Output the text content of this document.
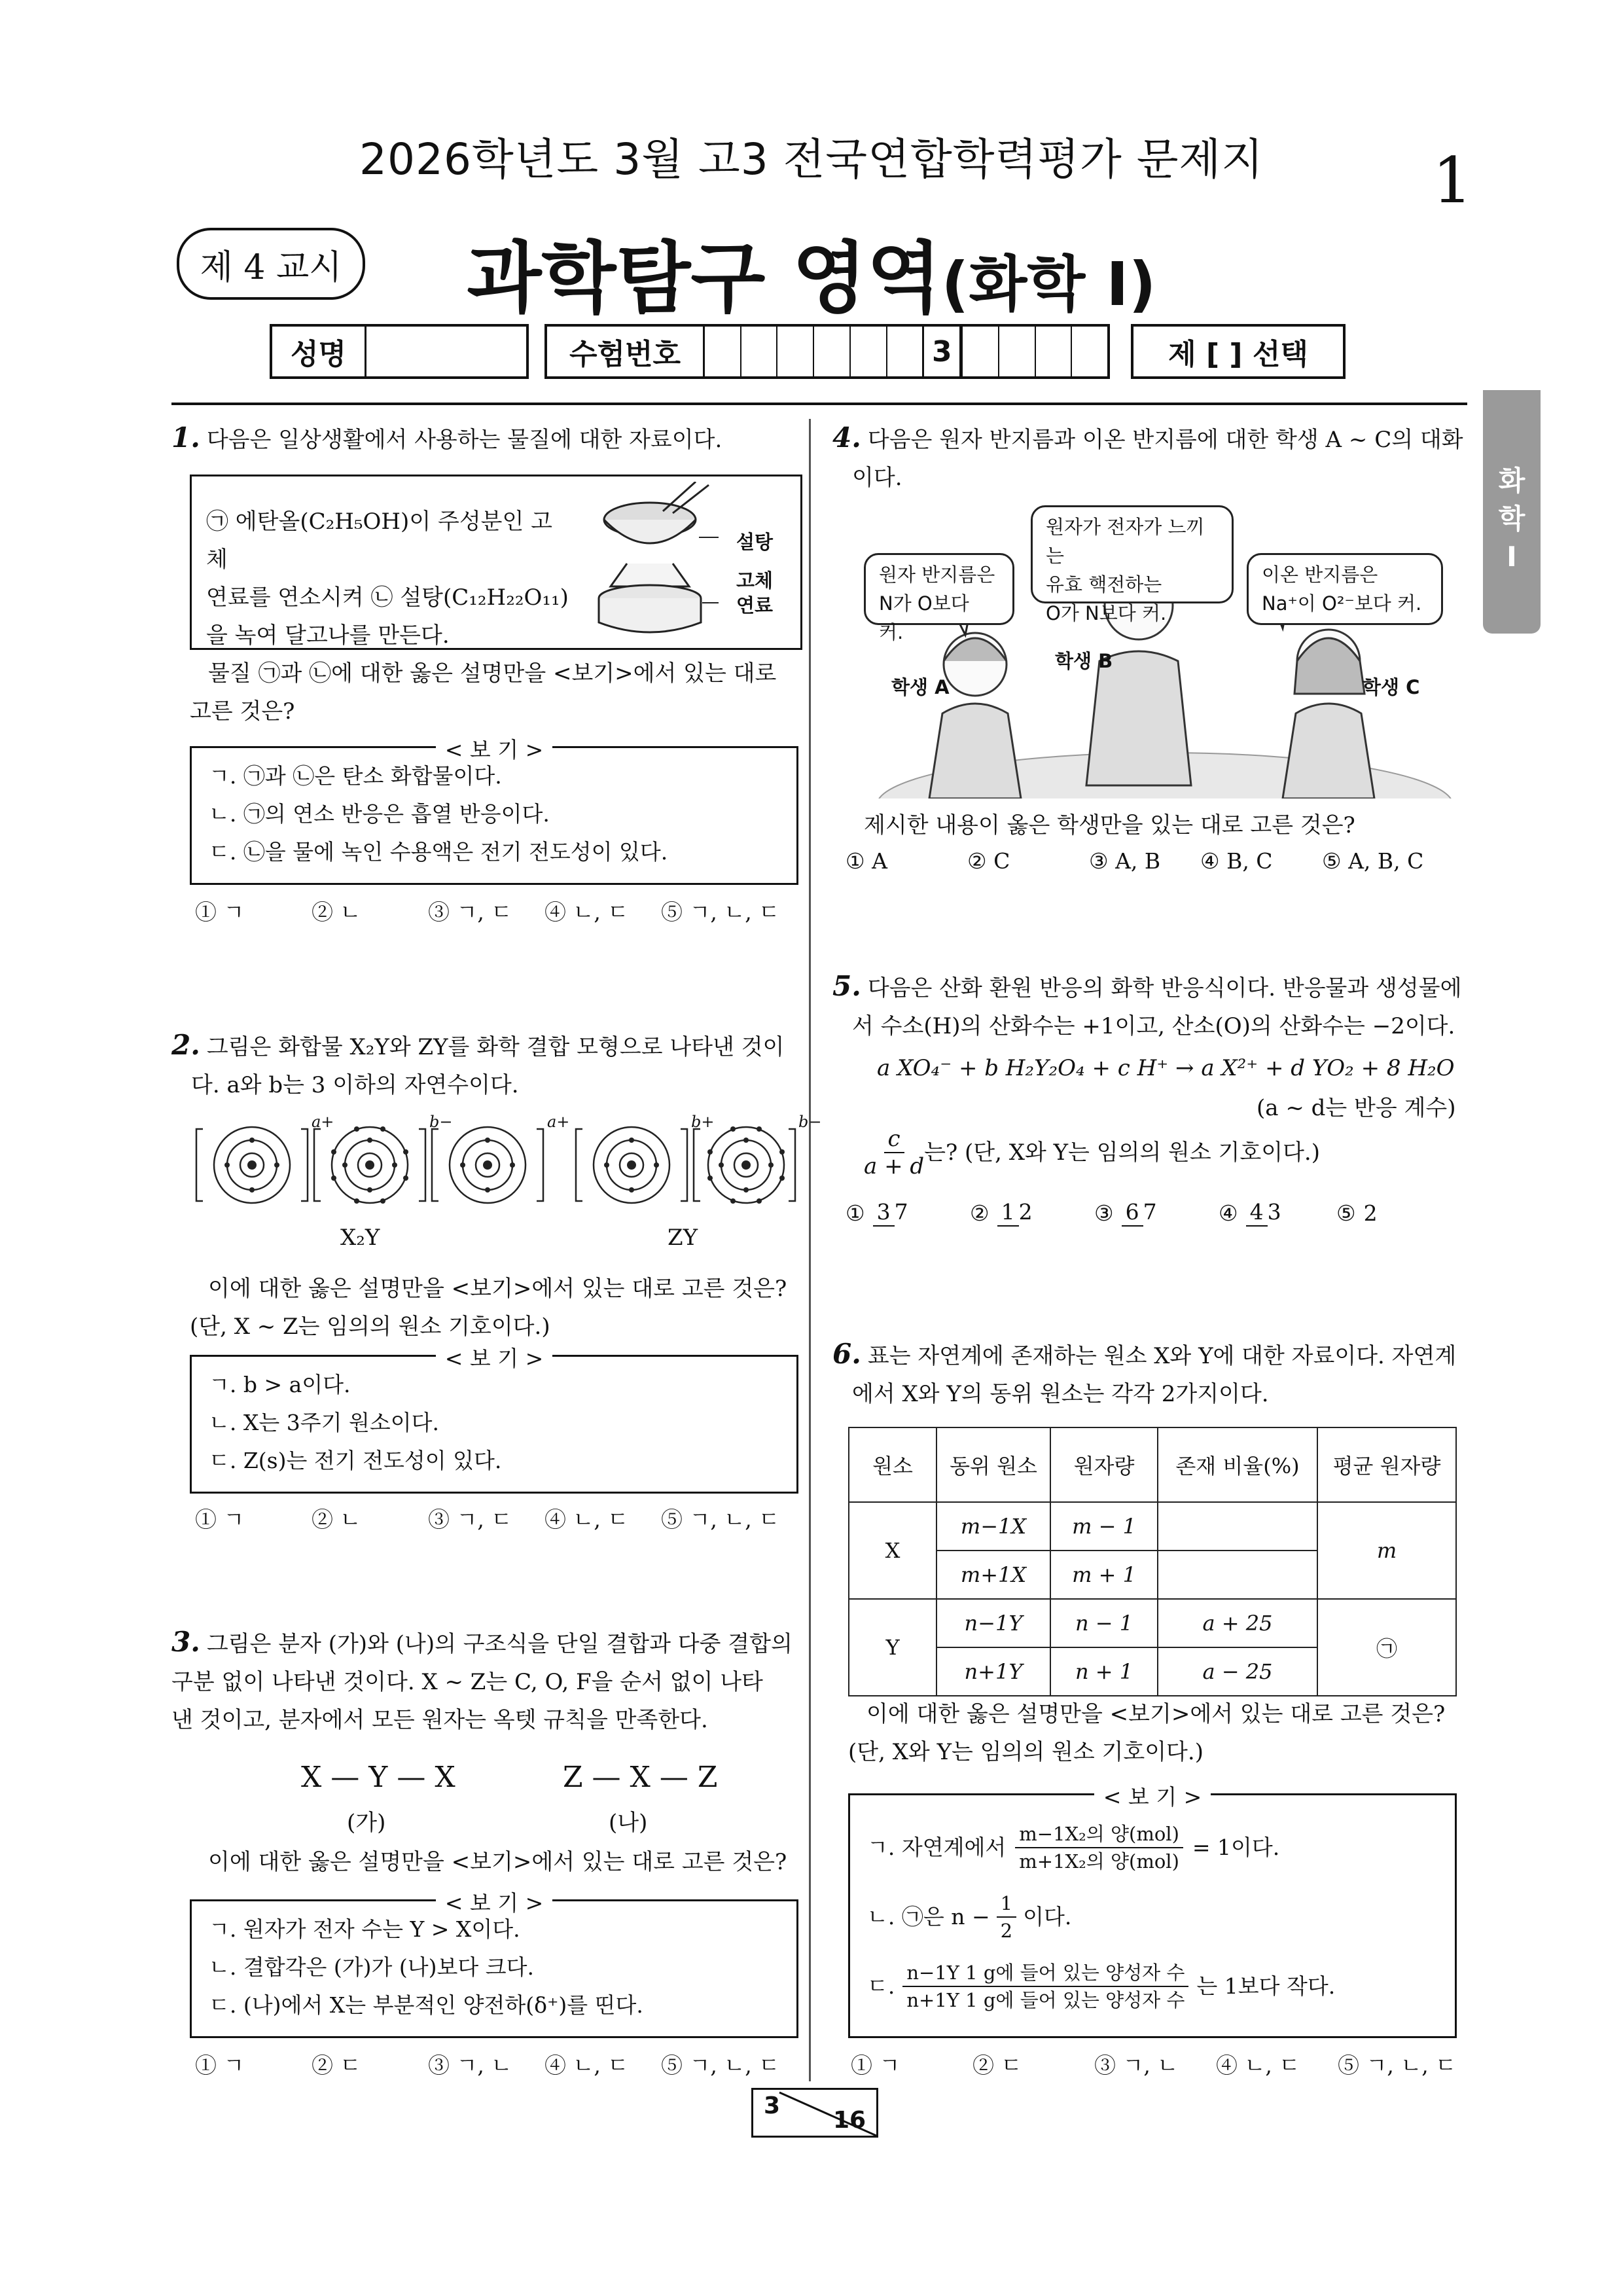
2026학년도 3월 고3 전국연합학력평가 문제지	1
제 4 교시	과학탐구 영역(화학 Ⅰ)
성명	수험번호	3	제 [ ] 선택
화
학
Ⅰ
1. 다음은 일상생활에서 사용하는 물질에 대한 자료이다.
㉠ 에탄올(C₂H₅OH)이 주성분인 고체
연료를 연소시켜 ㉡ 설탕(C₁₂H₂₂O₁₁)
을 녹여 달고나를 만든다.
설탕
고체
연료
물질 ㉠과 ㉡에 대한 옳은 설명만을 <보기>에서 있는 대로
고른 것은?
< 보 기 >
ㄱ. ㉠과 ㉡은 탄소 화합물이다.
ㄴ. ㉠의 연소 반응은 흡열 반응이다.
ㄷ. ㉡을 물에 녹인 수용액은 전기 전도성이 있다.
① ㄱ	② ㄴ	③ ㄱ, ㄷ ④ ㄴ, ㄷ ⑤ ㄱ, ㄴ, ㄷ
2. 그림은 화합물 X₂Y와 ZY를 화학 결합 모형으로 나타낸 것이
다. a와 b는 3 이하의 자연수이다.
a+	b−	a+	b+	b−
X₂Y	ZY
이에 대한 옳은 설명만을 <보기>에서 있는 대로 고른 것은?
(단, X ~ Z는 임의의 원소 기호이다.)
< 보 기 >
ㄱ. b > a이다.
ㄴ. X는 3주기 원소이다.
ㄷ. Z(s)는 전기 전도성이 있다.
① ㄱ	② ㄴ	③ ㄱ, ㄷ ④ ㄴ, ㄷ ⑤ ㄱ, ㄴ, ㄷ
3. 그림은 분자 (가)와 (나)의 구조식을 단일 결합과 다중 결합의
구분 없이 나타낸 것이다. X ~ Z는 C, O, F을 순서 없이 나타
낸 것이고, 분자에서 모든 원자는 옥텟 규칙을 만족한다.
X — Y — X	Z — X — Z
(가)	(나)
이에 대한 옳은 설명만을 <보기>에서 있는 대로 고른 것은?
< 보 기 >
ㄱ. 원자가 전자 수는 Y > X이다.
ㄴ. 결합각은 (가)가 (나)보다 크다.
ㄷ. (나)에서 X는 부분적인 양전하(δ⁺)를 띤다.
① ㄱ	② ㄷ	③ ㄱ, ㄴ ④ ㄴ, ㄷ ⑤ ㄱ, ㄴ, ㄷ
4. 다음은 원자 반지름과 이온 반지름에 대한 학생 A ~ C의 대화
이다.
원자 반지름은
N가 O보다 커.
원자가 전자가 느끼는
유효 핵전하는
O가 N보다 커.
이온 반지름은
Na⁺이 O²⁻보다 커.
학생 A
학생 B
학생 C
제시한 내용이 옳은 학생만을 있는 대로 고른 것은?
① A	② C	③ A, B ④ B, C ⑤ A, B, C
5. 다음은 산화 환원 반응의 화학 반응식이다. 반응물과 생성물에
서 수소(H)의 산화수는 +1이고, 산소(O)의 산화수는 −2이다.
a XO₄⁻ + b H₂Y₂O₄ + c H⁺ → a X²⁺ + d YO₂ + 8 H₂O
(a ~ d는 반응 계수)
$\frac{c}{a + d}$ 는? (단, X와 Y는 임의의 원소 기호이다.)
① 3 7	② 1 2	③ 6 7	④ 4 3	⑤ 2
6. 표는 자연계에 존재하는 원소 X와 Y에 대한 자료이다. 자연계
에서 X와 Y의 동위 원소는 각각 2가지이다.
원소	동위 원소	원자량	존재 비율(%)	평균 원자량
X	m−1X	m − 1		m
	m+1X	m + 1		
Y	n−1Y	n − 1	a + 25	㉠
	n+1Y	n + 1	a − 25	
이에 대한 옳은 설명만을 <보기>에서 있는 대로 고른 것은?
(단, X와 Y는 임의의 원소 기호이다.)
< 보 기 >
ㄱ. 자연계에서 $\frac{\text{m−1X₂의 양(mol)}}{\text{m+1X₂의 양(mol)}} = 1$이다.
ㄴ. ㉠은 $n - \frac{1}{2}$ 이다.
ㄷ. $\frac{\text{n−1Y 1 g에 들어 있는 양성자 수}}{\text{n+1Y 1 g에 들어 있는 양성자 수}}$ 는 1보다 작다.
① ㄱ	② ㄷ	③ ㄱ, ㄴ ④ ㄴ, ㄷ ⑤ ㄱ, ㄴ, ㄷ
3
16
